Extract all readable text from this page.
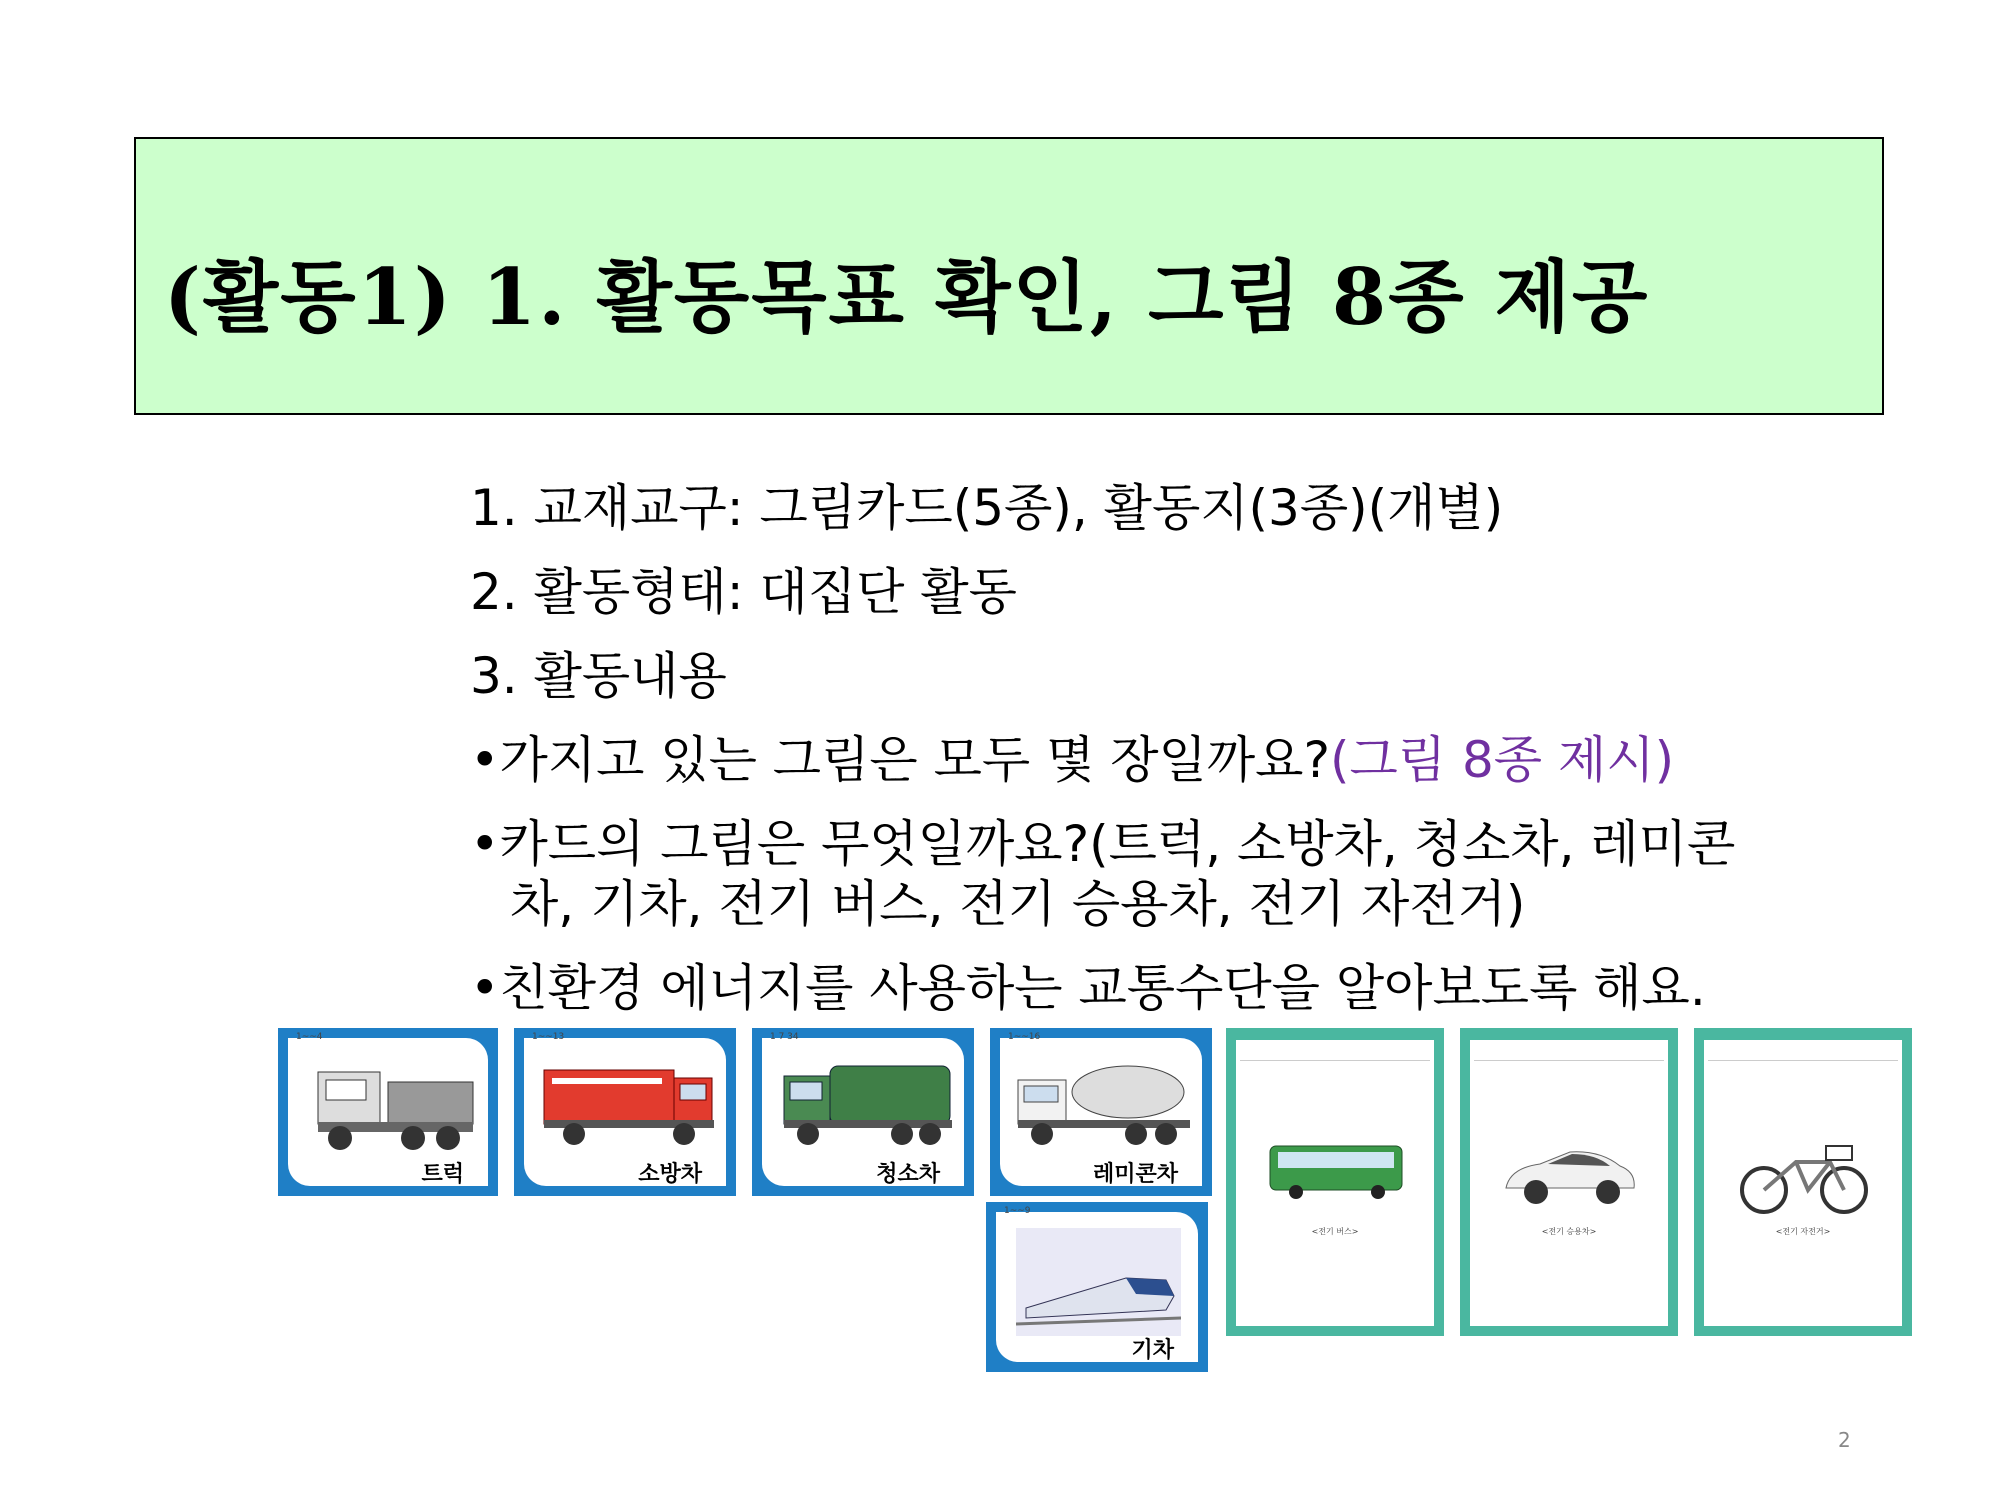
(활동1) 1. 활동목표 확인, 그림 8종 제공
1. 교재교구: 그림카드(5종), 활동지(3종)(개별)
2. 활동형태: 대집단 활동
3. 활동내용
•가지고 있는 그림은 모두 몇 장일까요?(그림 8종 제시)
•카드의 그림은 무엇일까요?(트럭, 소방차, 청소차, 레미콘
차, 기차, 전기 버스, 전기 승용차, 전기 자전거)
•친환경 에너지를 사용하는 교통수단을 알아보도록 해요.
1~~4
트럭
1~~13
소방차
1 7 34
청소차
1~~16
레미콘차
1~~9
기차
<전기 버스>	<전기 승용차>	<전기 자전거>
2
